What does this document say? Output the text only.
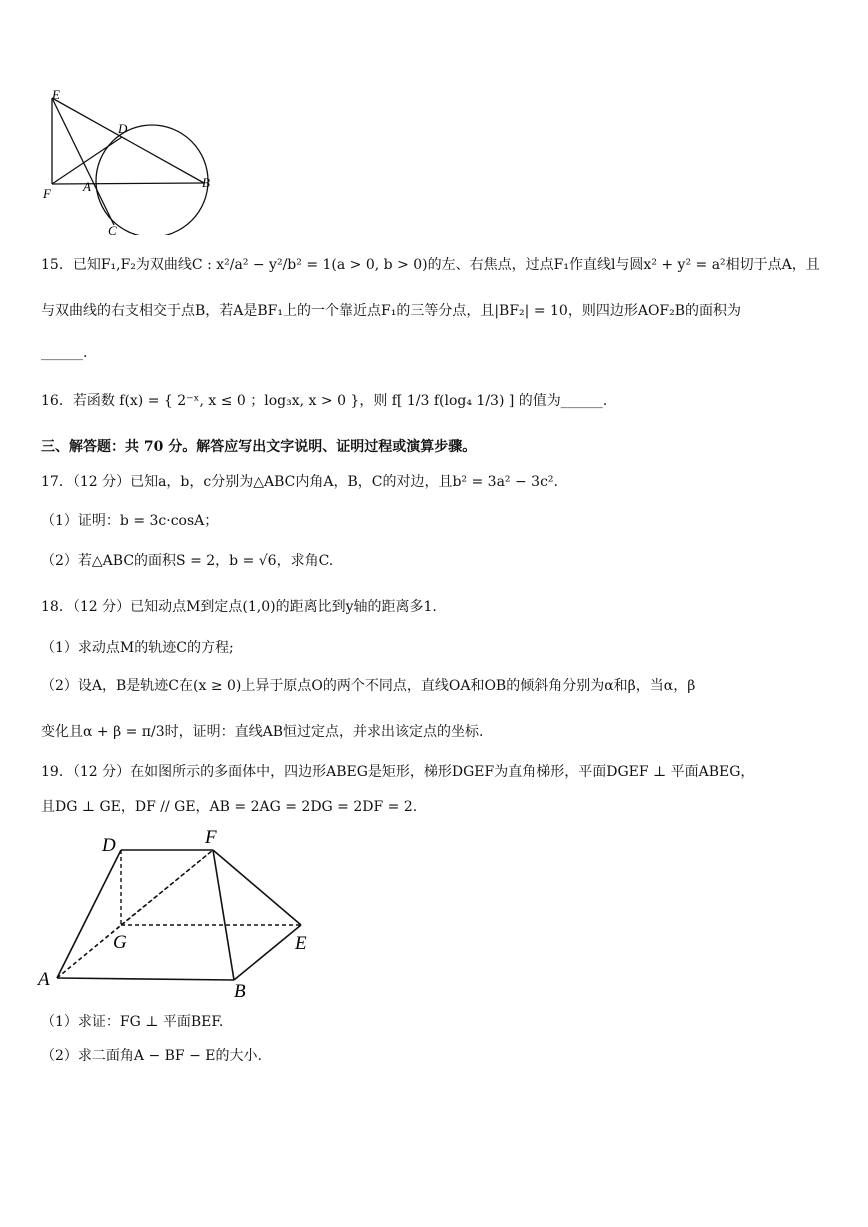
E
D
F A	B
C
15．已知F₁,F₂为双曲线C : x²/a² − y²/b² = 1(a > 0, b > 0)的左、右焦点，过点F₁作直线l与圆x² + y² = a²相切于点A，且
与双曲线的右支相交于点B，若A是BF₁上的一个靠近点F₁的三等分点，且|BF₂| = 10，则四边形AOF₂B的面积为
______.
16．若函数 f(x) = { 2⁻ˣ, x ≤ 0 ；log₃x, x > 0 }，则 f[ 1/3 f(log₄ 1/3) ] 的值为______.
三、解答题：共 70 分。解答应写出文字说明、证明过程或演算步骤。
17．（12 分）已知a，b，c分别为△ABC内角A，B，C的对边，且b² = 3a² − 3c².
（1）证明：b = 3c·cosA；
（2）若△ABC的面积S = 2，b = √6，求角C.
18．（12 分）已知动点M到定点(1,0)的距离比到y轴的距离多1.
（1）求动点M的轨迹C的方程;
（2）设A，B是轨迹C在(x ≥ 0)上异于原点O的两个不同点，直线OA和OB的倾斜角分别为α和β，当α，β
变化且α + β = π/3时，证明：直线AB恒过定点，并求出该定点的坐标.
19．（12 分）在如图所示的多面体中，四边形ABEG是矩形，梯形DGEF为直角梯形，平面DGEF ⊥ 平面ABEG，
且DG ⊥ GE，DF // GE，AB = 2AG = 2DG = 2DF = 2.
D	F
G	E
A
B
（1）求证：FG ⊥ 平面BEF.
（2）求二面角A − BF − E的大小.
